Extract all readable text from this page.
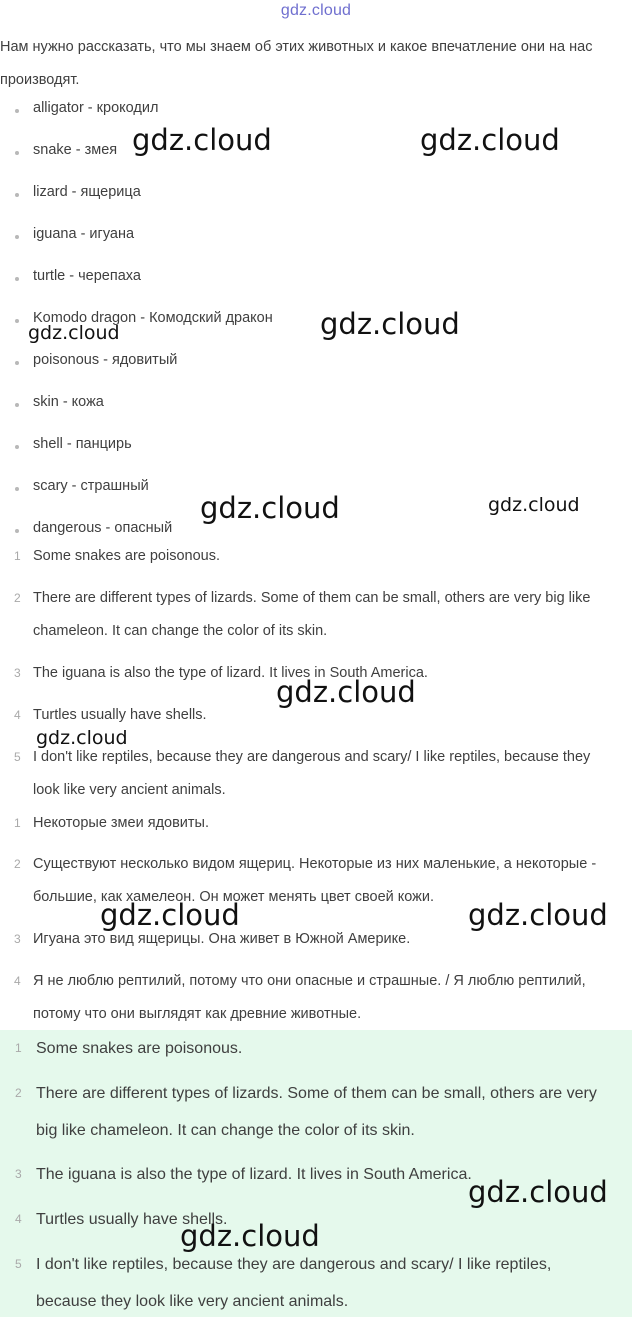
gdz.cloud
Нам нужно рассказать, что мы знаем об этих животных и какое впечатление они на нас производят.
alligator - крокодил
snake - змея
lizard - ящерица
iguana - игуана
turtle - черепаха
Komodo dragon - Комодский дракон
poisonous - ядовитый
skin - кожа
shell - панцирь
scary - страшный
dangerous - опасный
1 Some snakes are poisonous.
2 There are different types of lizards. Some of them can be small, others are very big like chameleon. It can change the color of its skin.
3 The iguana is also the type of lizard. It lives in South America.
4 Turtles usually have shells.
5 I don't like reptiles, because they are dangerous and scary/ I like reptiles, because they look like very ancient animals.
1 Некоторые змеи ядовиты.
2 Существуют несколько видом ящериц. Некоторые из них маленькие, а некоторые - большие, как хамелеон. Он может менять цвет своей кожи.
3 Игуана это вид ящерицы. Она живет в Южной Америке.
4 Я не люблю рептилий, потому что они опасные и страшные. / Я люблю рептилий, потому что они выглядят как древние животные.
1 Some snakes are poisonous.
2 There are different types of lizards. Some of them can be small, others are very big like chameleon. It can change the color of its skin.
3 The iguana is also the type of lizard. It lives in South America.
4 Turtles usually have shells.
5 I don't like reptiles, because they are dangerous and scary/ I like reptiles, because they look like very ancient animals.
gdz.cloud	gdz.cloud
gdz.cloud	gdz.cloud
gdz.cloud	gdz.cloud
gdz.cloud
gdz.cloud
gdz.cloud	gdz.cloud
gdz.cloud
gdz.cloud
